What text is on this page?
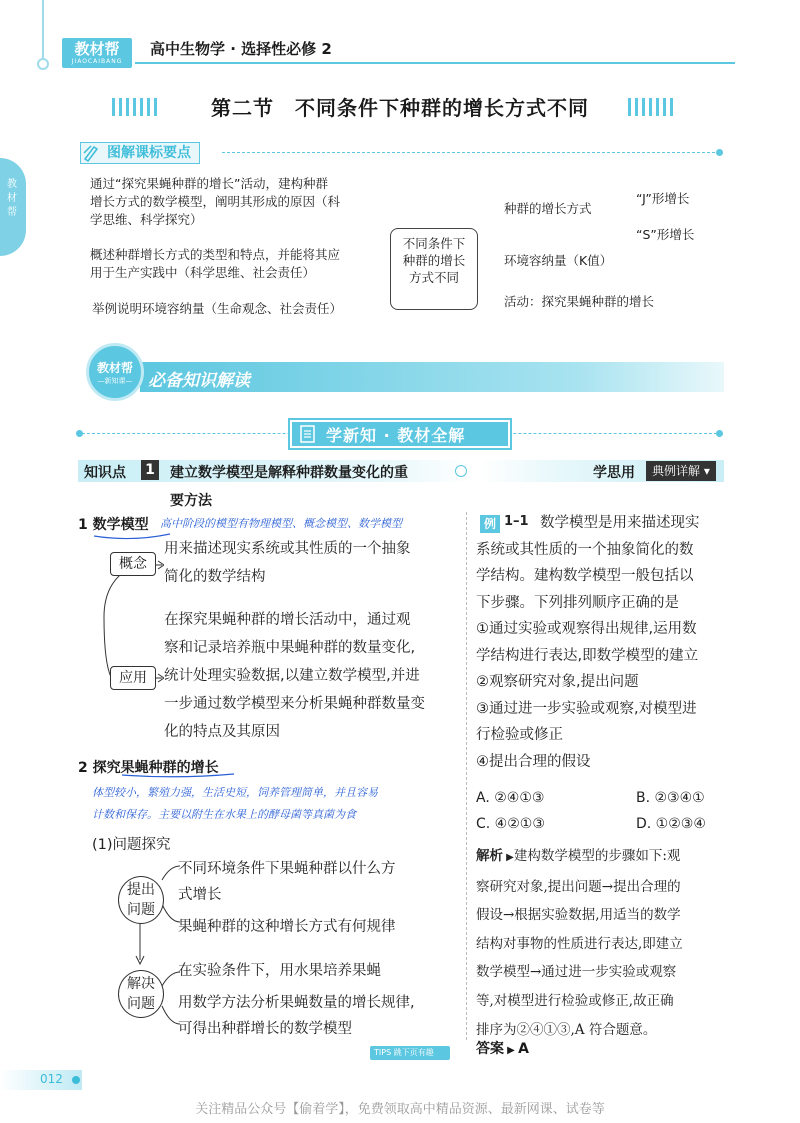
教材帮
JIAOCAIBANG
高中生物学 · 选择性必修 2
第二节　不同条件下种群的增长方式不同
教材帮
图解课标要点
通过“探究果蝇种群的增长”活动，建构种群
增长方式的数学模型，阐明其形成的原因（科
学思维、科学探究）
概述种群增长方式的类型和特点，并能将其应
用于生产实践中（科学思维、社会责任）
举例说明环境容纳量（生命观念、社会责任）
不同条件下
种群的增长
方式不同
种群的增长方式
“J”形增长
“S”形增长
环境容纳量（K值）
活动：探究果蝇种群的增长
教材帮
—新知课— 必备知识解读
学新知 · 教材全解
知识点 1 建立数学模型是解释种群数量变化的重
要方法
学思用	典例详解 ▾
1 数学模型 高中阶段的模型有物理模型、概念模型、数学模型
概念
用来描述现实系统或其性质的一个抽象
简化的数学结构
应用
在探究果蝇种群的增长活动中，通过观
察和记录培养瓶中果蝇种群的数量变化,
统计处理实验数据,以建立数学模型,并进
一步通过数学模型来分析果蝇种群数量变
化的特点及其原因
2 探究果蝇种群的增长
体型较小，繁殖力强，生活史短，饲养管理简单，并且容易
计数和保存。主要以附生在水果上的酵母菌等真菌为食
(1)问题探究
提出
问题
不同环境条件下果蝇种群以什么方
式增长
果蝇种群的这种增长方式有何规律
解决
问题
在实验条件下，用水果培养果蝇
用数学方法分析果蝇数量的增长规律,
可得出种群增长的数学模型
例 1–1 数学模型是用来描述现实
系统或其性质的一个抽象简化的数
学结构。建构数学模型一般包括以
下步骤。下列排列顺序正确的是
①通过实验或观察得出规律,运用数
学结构进行表达,即数学模型的建立
②观察研究对象,提出问题
③通过进一步实验或观察,对模型进
行检验或修正
④提出合理的假设
A. ②④①③	B. ②③④①
C. ④②①③	D. ①②③④
解析 ▶建构数学模型的步骤如下:观
察研究对象,提出问题→提出合理的
假设→根据实验数据,用适当的数学
结构对事物的性质进行表达,即建立
数学模型→通过进一步实验或观察
等,对模型进行检验或修正,故正确
排序为②④①③,A 符合题意。
答案 ▶ A
TIPS 跳下页有趣
012
关注精品公众号【偷着学】，免费领取高中精品资源、最新网课、试卷等
